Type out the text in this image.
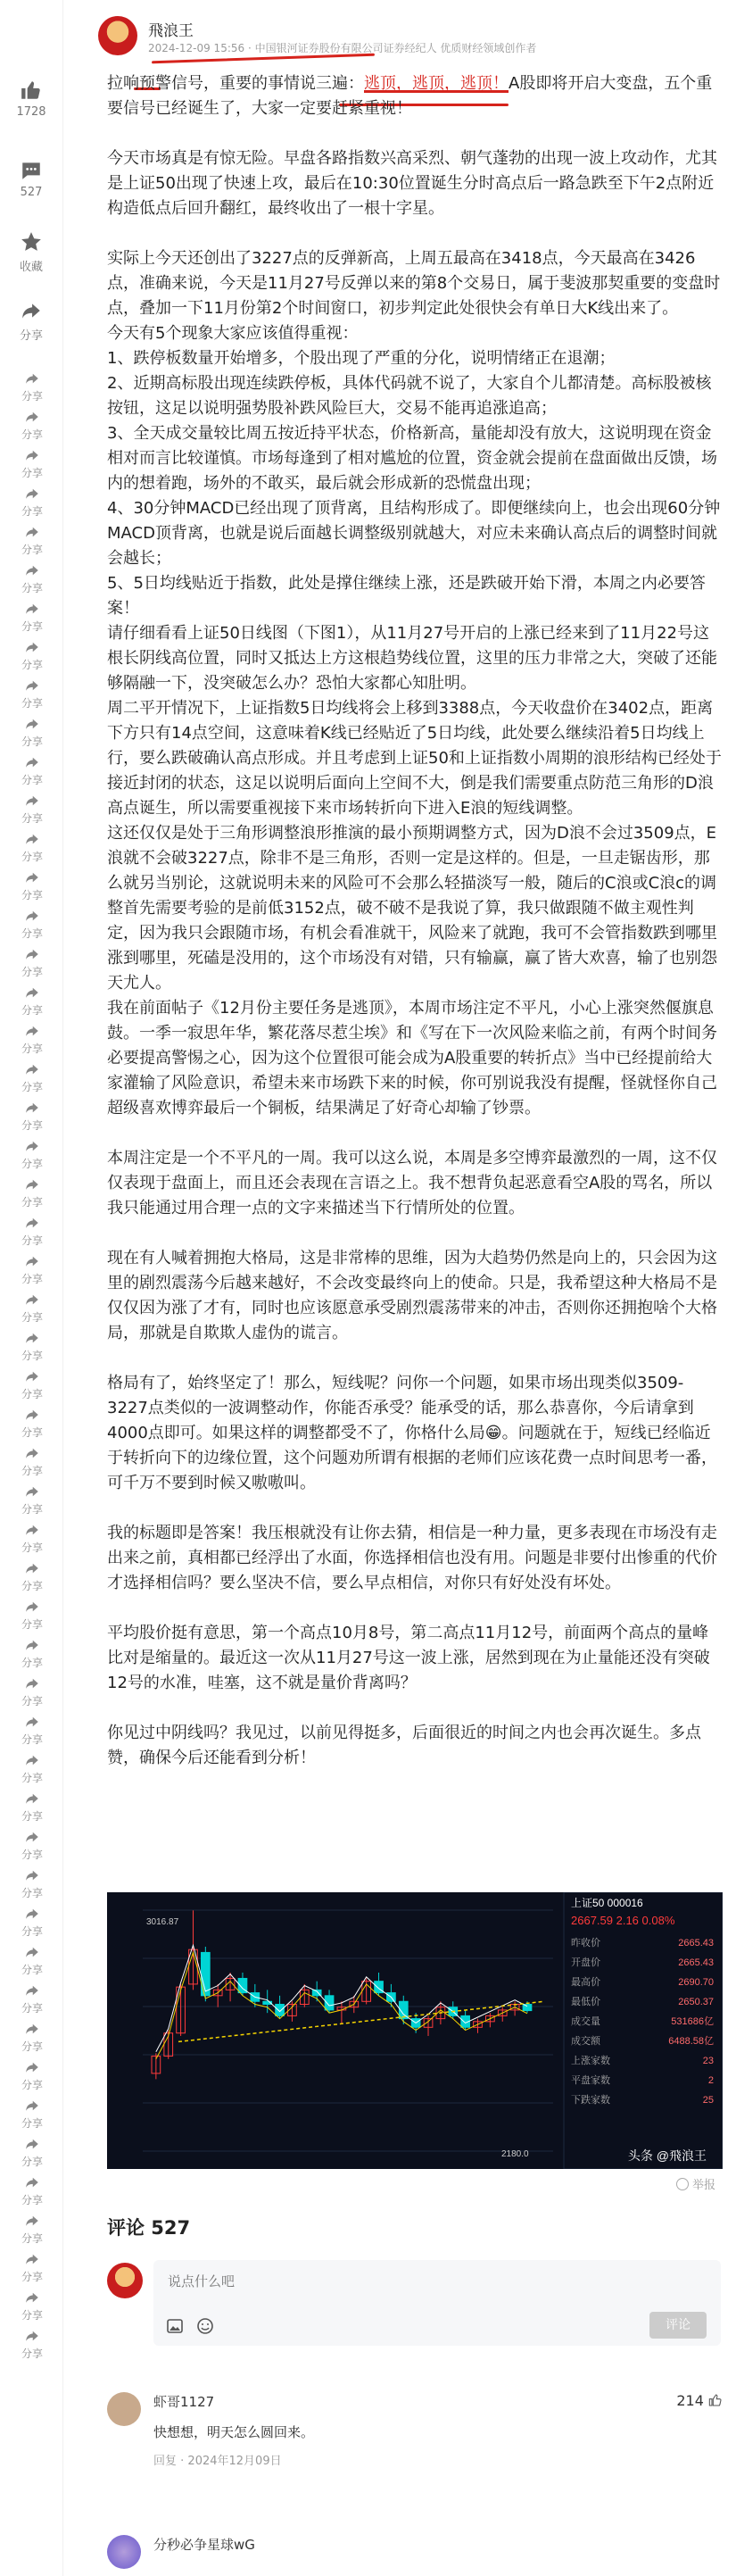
1728
527
收藏
分享
分享
分享
分享
分享
分享
分享
分享
分享
分享
分享
分享
分享
分享
分享
分享
分享
分享
分享
分享
分享
分享
分享
分享
分享
分享
分享
分享
分享
分享
分享
分享
分享
分享
分享
分享
分享
分享
分享
分享
分享
分享
分享
分享
分享
分享
分享
分享
分享
分享
分享
分享
分享
飛浪王
2024-12-09 15:56 · 中国银河证券股份有限公司证券经纪人 优质财经领域创作者

拉响预警信号，重要的事情说三遍：逃顶，逃顶，逃顶！A股即将开启大变盘，五个重要信号已经诞生了，大家一定要赶紧重视！

今天市场真是有惊无险。早盘各路指数兴高采烈、朝气蓬勃的出现一波上攻动作，尤其是上证50出现了快速上攻，最后在10:30位置诞生分时高点后一路急跌至下午2点附近构造低点后回升翻红，最终收出了一根十字星。

实际上今天还创出了3227点的反弹新高，上周五最高在3418点，今天最高在3426点，准确来说，今天是11月27号反弹以来的第8个交易日，属于斐波那契重要的变盘时点，叠加一下11月份第2个时间窗口，初步判定此处很快会有单日大K线出来了。

今天有5个现象大家应该值得重视：

1、跌停板数量开始增多，个股出现了严重的分化，说明情绪正在退潮；

2、近期高标股出现连续跌停板，具体代码就不说了，大家自个儿都清楚。高标股被核按钮，这足以说明强势股补跌风险巨大，交易不能再追涨追高；

3、全天成交量较比周五按近持平状态，价格新高，量能却没有放大，这说明现在资金相对而言比较谨慎。市场每逢到了相对尴尬的位置，资金就会提前在盘面做出反馈，场内的想着跑，场外的不敢买，最后就会形成新的恐慌盘出现；

4、30分钟MACD已经出现了顶背离，且结构形成了。即便继续向上，也会出现60分钟MACD顶背离，也就是说后面越长调整级别就越大，对应未来确认高点后的调整时间就会越长；

5、5日均线贴近于指数，此处是撑住继续上涨，还是跌破开始下滑，本周之内必要答案！

请仔细看看上证50日线图（下图1），从11月27号开启的上涨已经来到了11月22号这根长阴线高位置，同时又抵达上方这根趋势线位置，这里的压力非常之大，突破了还能够隔融一下，没突破怎么办？恐怕大家都心知肚明。

周二平开情况下，上证指数5日均线将会上移到3388点，今天收盘价在3402点，距离下方只有14点空间，这意味着K线已经贴近了5日均线，此处要么继续沿着5日均线上行，要么跌破确认高点形成。并且考虑到上证50和上证指数小周期的浪形结构已经处于接近封闭的状态，这足以说明后面向上空间不大，倒是我们需要重点防范三角形的D浪高点诞生，所以需要重视接下来市场转折向下进入E浪的短线调整。

这还仅仅是处于三角形调整浪形推演的最小预期调整方式，因为D浪不会过3509点，E浪就不会破3227点，除非不是三角形，否则一定是这样的。但是，一旦走锯齿形，那么就另当别论，这就说明未来的风险可不会那么轻描淡写一般，随后的C浪或C浪c的调整首先需要考验的是前低3152点，破不破不是我说了算，我只做跟随不做主观性判定，因为我只会跟随市场，有机会看准就干，风险来了就跑，我可不会管指数跌到哪里涨到哪里，死磕是没用的，这个市场没有对错，只有输赢，赢了皆大欢喜，输了也别怨天尤人。

我在前面帖子《12月份主要任务是逃顶》，本周市场注定不平凡，小心上涨突然偃旗息鼓。一季一寂思年华，繁花落尽惹尘埃》和《写在下一次风险来临之前，有两个时间务必要提高警惕之心，因为这个位置很可能会成为A股重要的转折点》当中已经提前给大家灌输了风险意识，希望未来市场跌下来的时候，你可别说我没有提醒，怪就怪你自己超级喜欢博弈最后一个铜板，结果满足了好奇心却输了钞票。

本周注定是一个不平凡的一周。我可以这么说，本周是多空博弈最激烈的一周，这不仅仅表现于盘面上，而且还会表现在言语之上。我不想背负起恶意看空A股的骂名，所以我只能通过用合理一点的文字来描述当下行情所处的位置。

现在有人喊着拥抱大格局，这是非常棒的思维，因为大趋势仍然是向上的，只会因为这里的剧烈震荡今后越来越好，不会改变最终向上的使命。只是，我希望这种大格局不是仅仅因为涨了才有，同时也应该愿意承受剧烈震荡带来的冲击，否则你还拥抱啥个大格局，那就是自欺欺人虚伪的谎言。

格局有了，始终坚定了！那么，短线呢？问你一个问题，如果市场出现类似3509-3227点类似的一波调整动作，你能否承受？能承受的话，那么恭喜你，今后请拿到4000点即可。如果这样的调整都受不了，你格什么局😁。问题就在于，短线已经临近于转折向下的边缘位置，这个问题劝所谓有根据的老师们应该花费一点时间思考一番，可千万不要到时候又嗷嗷叫。

我的标题即是答案！我压根就没有让你去猜，相信是一种力量，更多表现在市场没有走出来之前，真相都已经浮出了水面，你选择相信也没有用。问题是非要付出惨重的代价才选择相信吗？要么坚决不信，要么早点相信，对你只有好处没有坏处。

平均股价挺有意思，第一个高点10月8号，第二高点11月12号，前面两个高点的量峰比对是缩量的。最近这一次从11月27号这一波上涨，居然到现在为止量能还没有突破12号的水准，哇塞，这不就是量价背离吗？

你见过中阴线吗？我见过，以前见得挺多，后面很近的时间之内也会再次诞生。多点赞，确保今后还能看到分析！

3016.87
2180.0
上证50 000016
2667.59 2.16 0.08%
昨收价	2665.43
开盘价	2665.43
最高价	2690.70
最低价	2650.37
成交量	531686亿
成交额	6488.58亿
上涨家数	23
平盘家数	2
下跌家数	25
头条 @飛浪王
举报
评论 527
说点什么吧
评论
虾哥1127	214
快想想，明天怎么圆回来。
回复 · 2024年12月09日
分秒必争星球wG
